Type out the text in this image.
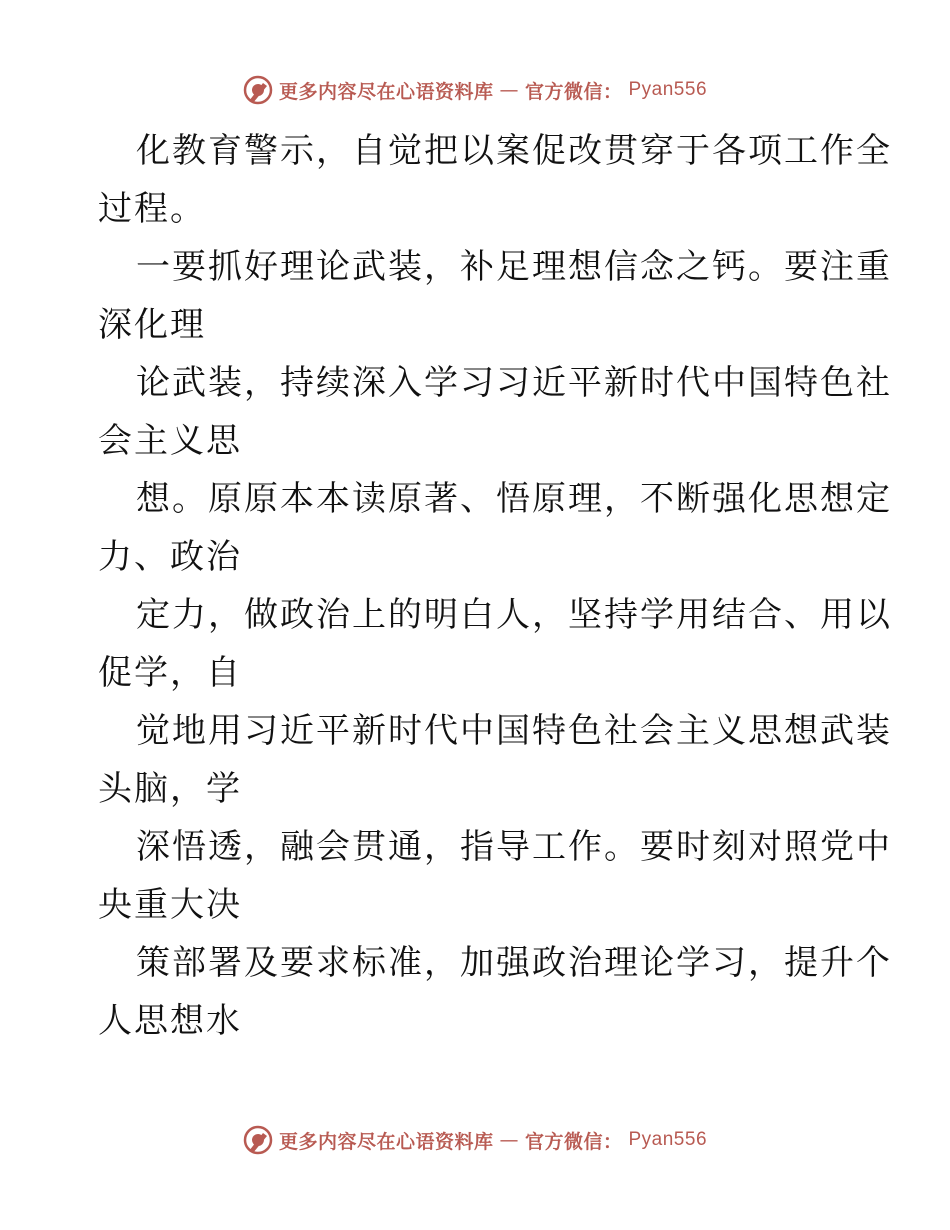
更多内容尽在心语资料库 — 官方微信： Pyan556
化教育警示，自觉把以案促改贯穿于各项工作全
过程。
一要抓好理论武装，补足理想信念之钙。要注重
深化理
论武装，持续深入学习习近平新时代中国特色社
会主义思
想。原原本本读原著、悟原理，不断强化思想定
力、政治
定力，做政治上的明白人，坚持学用结合、用以
促学，自
觉地用习近平新时代中国特色社会主义思想武装
头脑，学
深悟透，融会贯通，指导工作。要时刻对照党中
央重大决
策部署及要求标准，加强政治理论学习，提升个
人思想水
更多内容尽在心语资料库 — 官方微信： Pyan556
